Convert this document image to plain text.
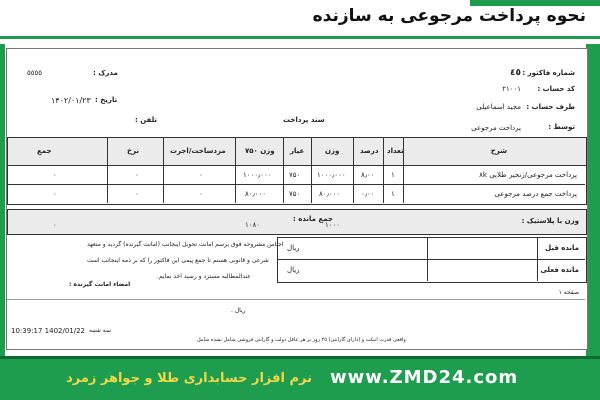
نحوه پرداخت مرجوعی به سازنده
شماره فاکتور :
٤٥
کد حساب :
۲۱۰۰۱
طرف حساب :
مجید اسماعیلی
توسط :
پرداخت مرجوعی
٥٥٥٥	مدرک :
۱۴۰۲/۰۱/۲۳ تاریخ :
تلفن :	سند پرداخت
شرح
تعداد
درصد
وزن
عیار
وزن ۷۵۰
مزدساخت/اجرت
نرخ
جمع
پرداخت مرجوعی/زنجیر طلایی ۸k
۱
۸٫۰۰
۱۰۰۰٫۰۰۰
۷۵۰
۱۰۰۰٫۰۰۰
۰
۰
۰
پرداخت جمع درصد مرجوعی
۱
۰٫۰۰
۸۰٫۰۰۰
۷۵۰
۸۰٫۰۰۰
۰
۰
۰
وزن با پلاستیک :
جمع مانده :
۱۰۰۰
۱۰۸۰
۰
مانده قبل
مانده فعلی
ریال
ریال
اجناس مشروحه فوق برسم امانت تحویل اینجانب (امانت گیرنده) گردید و متعهد
شرعی و قانونی هستم تا جمع پیمی این فاکتور را که بر ذمه اینجانب است
عندالمطالبه مسترد و رسید اخذ نمایم.
امضاء امانت گیرنده :
ریال .
صفحه ۱
واقعی قدرت اتیکت و (دارای گارانتی) ٢٥ روز بر هر عاقل دولت و گارانتی فروشی شامل نشده شامل
10:39:17 1402/01/22 سه شنبه
www.ZMD24.com
نرم افزار حسابداری طلا و جواهر زمرد
